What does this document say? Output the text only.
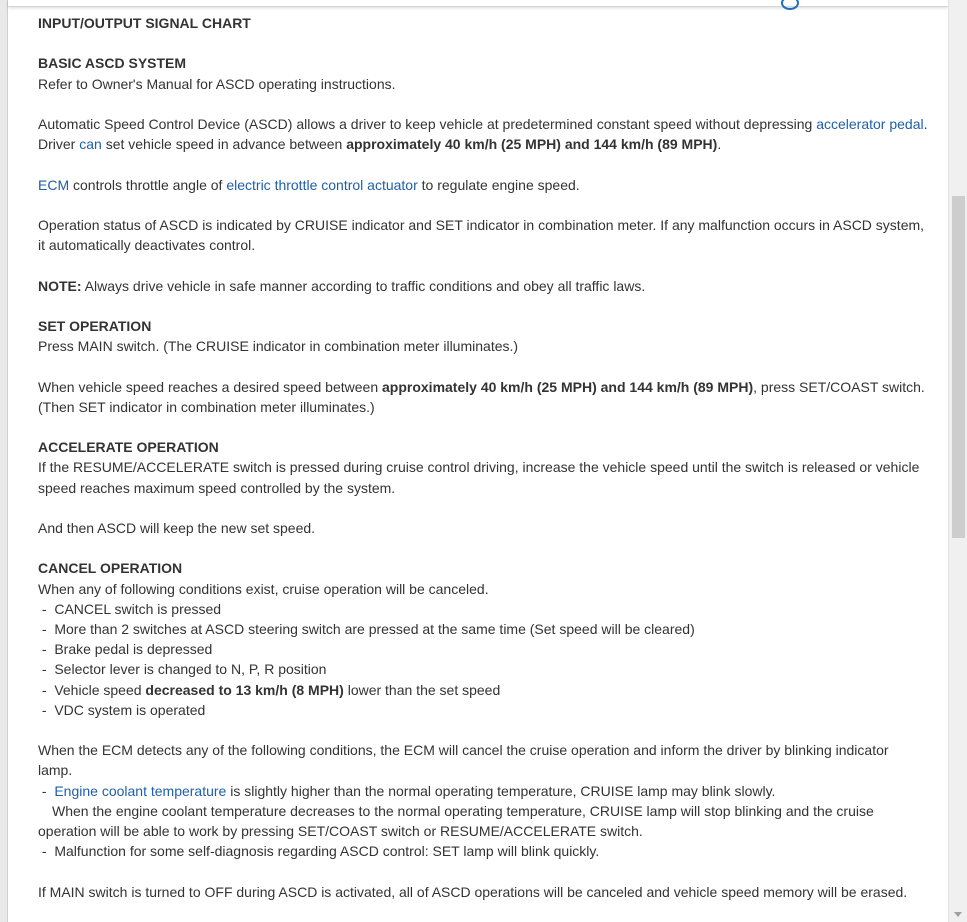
INPUT/OUTPUT SIGNAL CHART
BASIC ASCD SYSTEM
Refer to Owner's Manual for ASCD operating instructions.
Automatic Speed Control Device (ASCD) allows a driver to keep vehicle at predetermined constant speed without depressing accelerator pedal.
Driver can set vehicle speed in advance between approximately 40 km/h (25 MPH) and 144 km/h (89 MPH).
ECM controls throttle angle of electric throttle control actuator to regulate engine speed.
Operation status of ASCD is indicated by CRUISE indicator and SET indicator in combination meter. If any malfunction occurs in ASCD system,
it automatically deactivates control.
NOTE: Always drive vehicle in safe manner according to traffic conditions and obey all traffic laws.
SET OPERATION
Press MAIN switch. (The CRUISE indicator in combination meter illuminates.)
When vehicle speed reaches a desired speed between approximately 40 km/h (25 MPH) and 144 km/h (89 MPH), press SET/COAST switch.
(Then SET indicator in combination meter illuminates.)
ACCELERATE OPERATION
If the RESUME/ACCELERATE switch is pressed during cruise control driving, increase the vehicle speed until the switch is released or vehicle
speed reaches maximum speed controlled by the system.
And then ASCD will keep the new set speed.
CANCEL OPERATION
When any of following conditions exist, cruise operation will be canceled.
-  CANCEL switch is pressed
-  More than 2 switches at ASCD steering switch are pressed at the same time (Set speed will be cleared)
-  Brake pedal is depressed
-  Selector lever is changed to N, P, R position
-  Vehicle speed decreased to 13 km/h (8 MPH) lower than the set speed
-  VDC system is operated
When the ECM detects any of the following conditions, the ECM will cancel the cruise operation and inform the driver by blinking indicator
lamp.
-  Engine coolant temperature is slightly higher than the normal operating temperature, CRUISE lamp may blink slowly.
When the engine coolant temperature decreases to the normal operating temperature, CRUISE lamp will stop blinking and the cruise
operation will be able to work by pressing SET/COAST switch or RESUME/ACCELERATE switch.
-  Malfunction for some self-diagnosis regarding ASCD control: SET lamp will blink quickly.
If MAIN switch is turned to OFF during ASCD is activated, all of ASCD operations will be canceled and vehicle speed memory will be erased.
